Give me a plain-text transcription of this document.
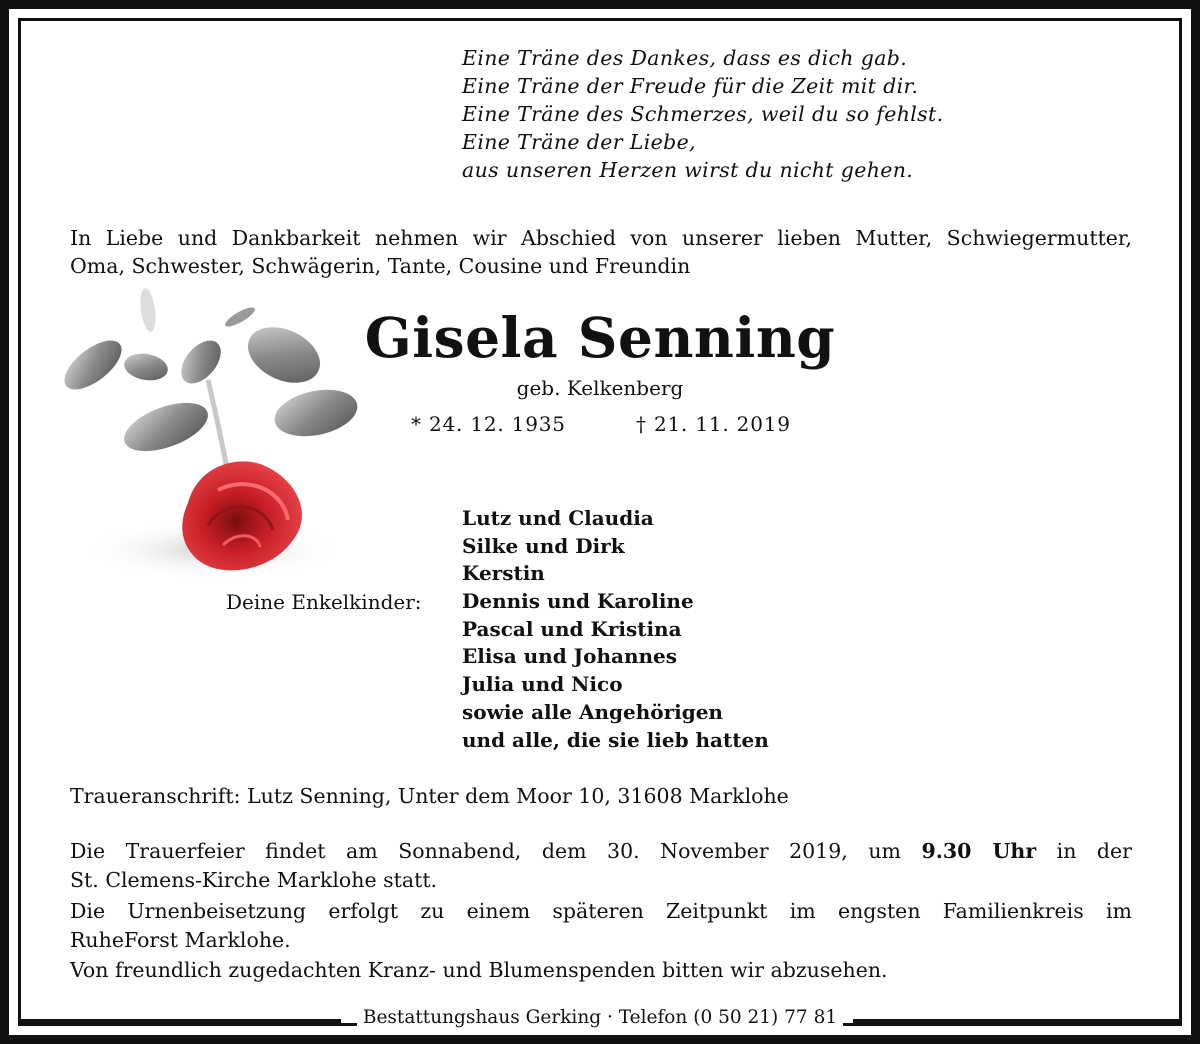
Eine Träne des Dankes, dass es dich gab.
Eine Träne der Freude für die Zeit mit dir.
Eine Träne des Schmerzes, weil du so fehlst.
Eine Träne der Liebe,
aus unseren Herzen wirst du nicht gehen.
In Liebe und Dankbarkeit nehmen wir Abschied von unserer lieben Mutter, Schwiegermutter,
Oma, Schwester, Schwägerin, Tante, Cousine und Freundin
Gisela Senning
geb. Kelkenberg
* 24. 12. 1935	† 21. 11. 2019
Deine Enkelkinder:
Lutz und Claudia
Silke und Dirk
Kerstin
Dennis und Karoline
Pascal und Kristina
Elisa und Johannes
Julia und Nico
sowie alle Angehörigen
und alle, die sie lieb hatten
Traueranschrift: Lutz Senning, Unter dem Moor 10, 31608 Marklohe
Die Trauerfeier findet am Sonnabend, dem 30. November 2019, um 9.30 Uhr in der
St. Clemens-Kirche Marklohe statt.
Die Urnenbeisetzung erfolgt zu einem späteren Zeitpunkt im engsten Familienkreis im
RuheForst Marklohe.
Von freundlich zugedachten Kranz- und Blumenspenden bitten wir abzusehen.
Bestattungshaus Gerking · Telefon (0 50 21) 77 81
